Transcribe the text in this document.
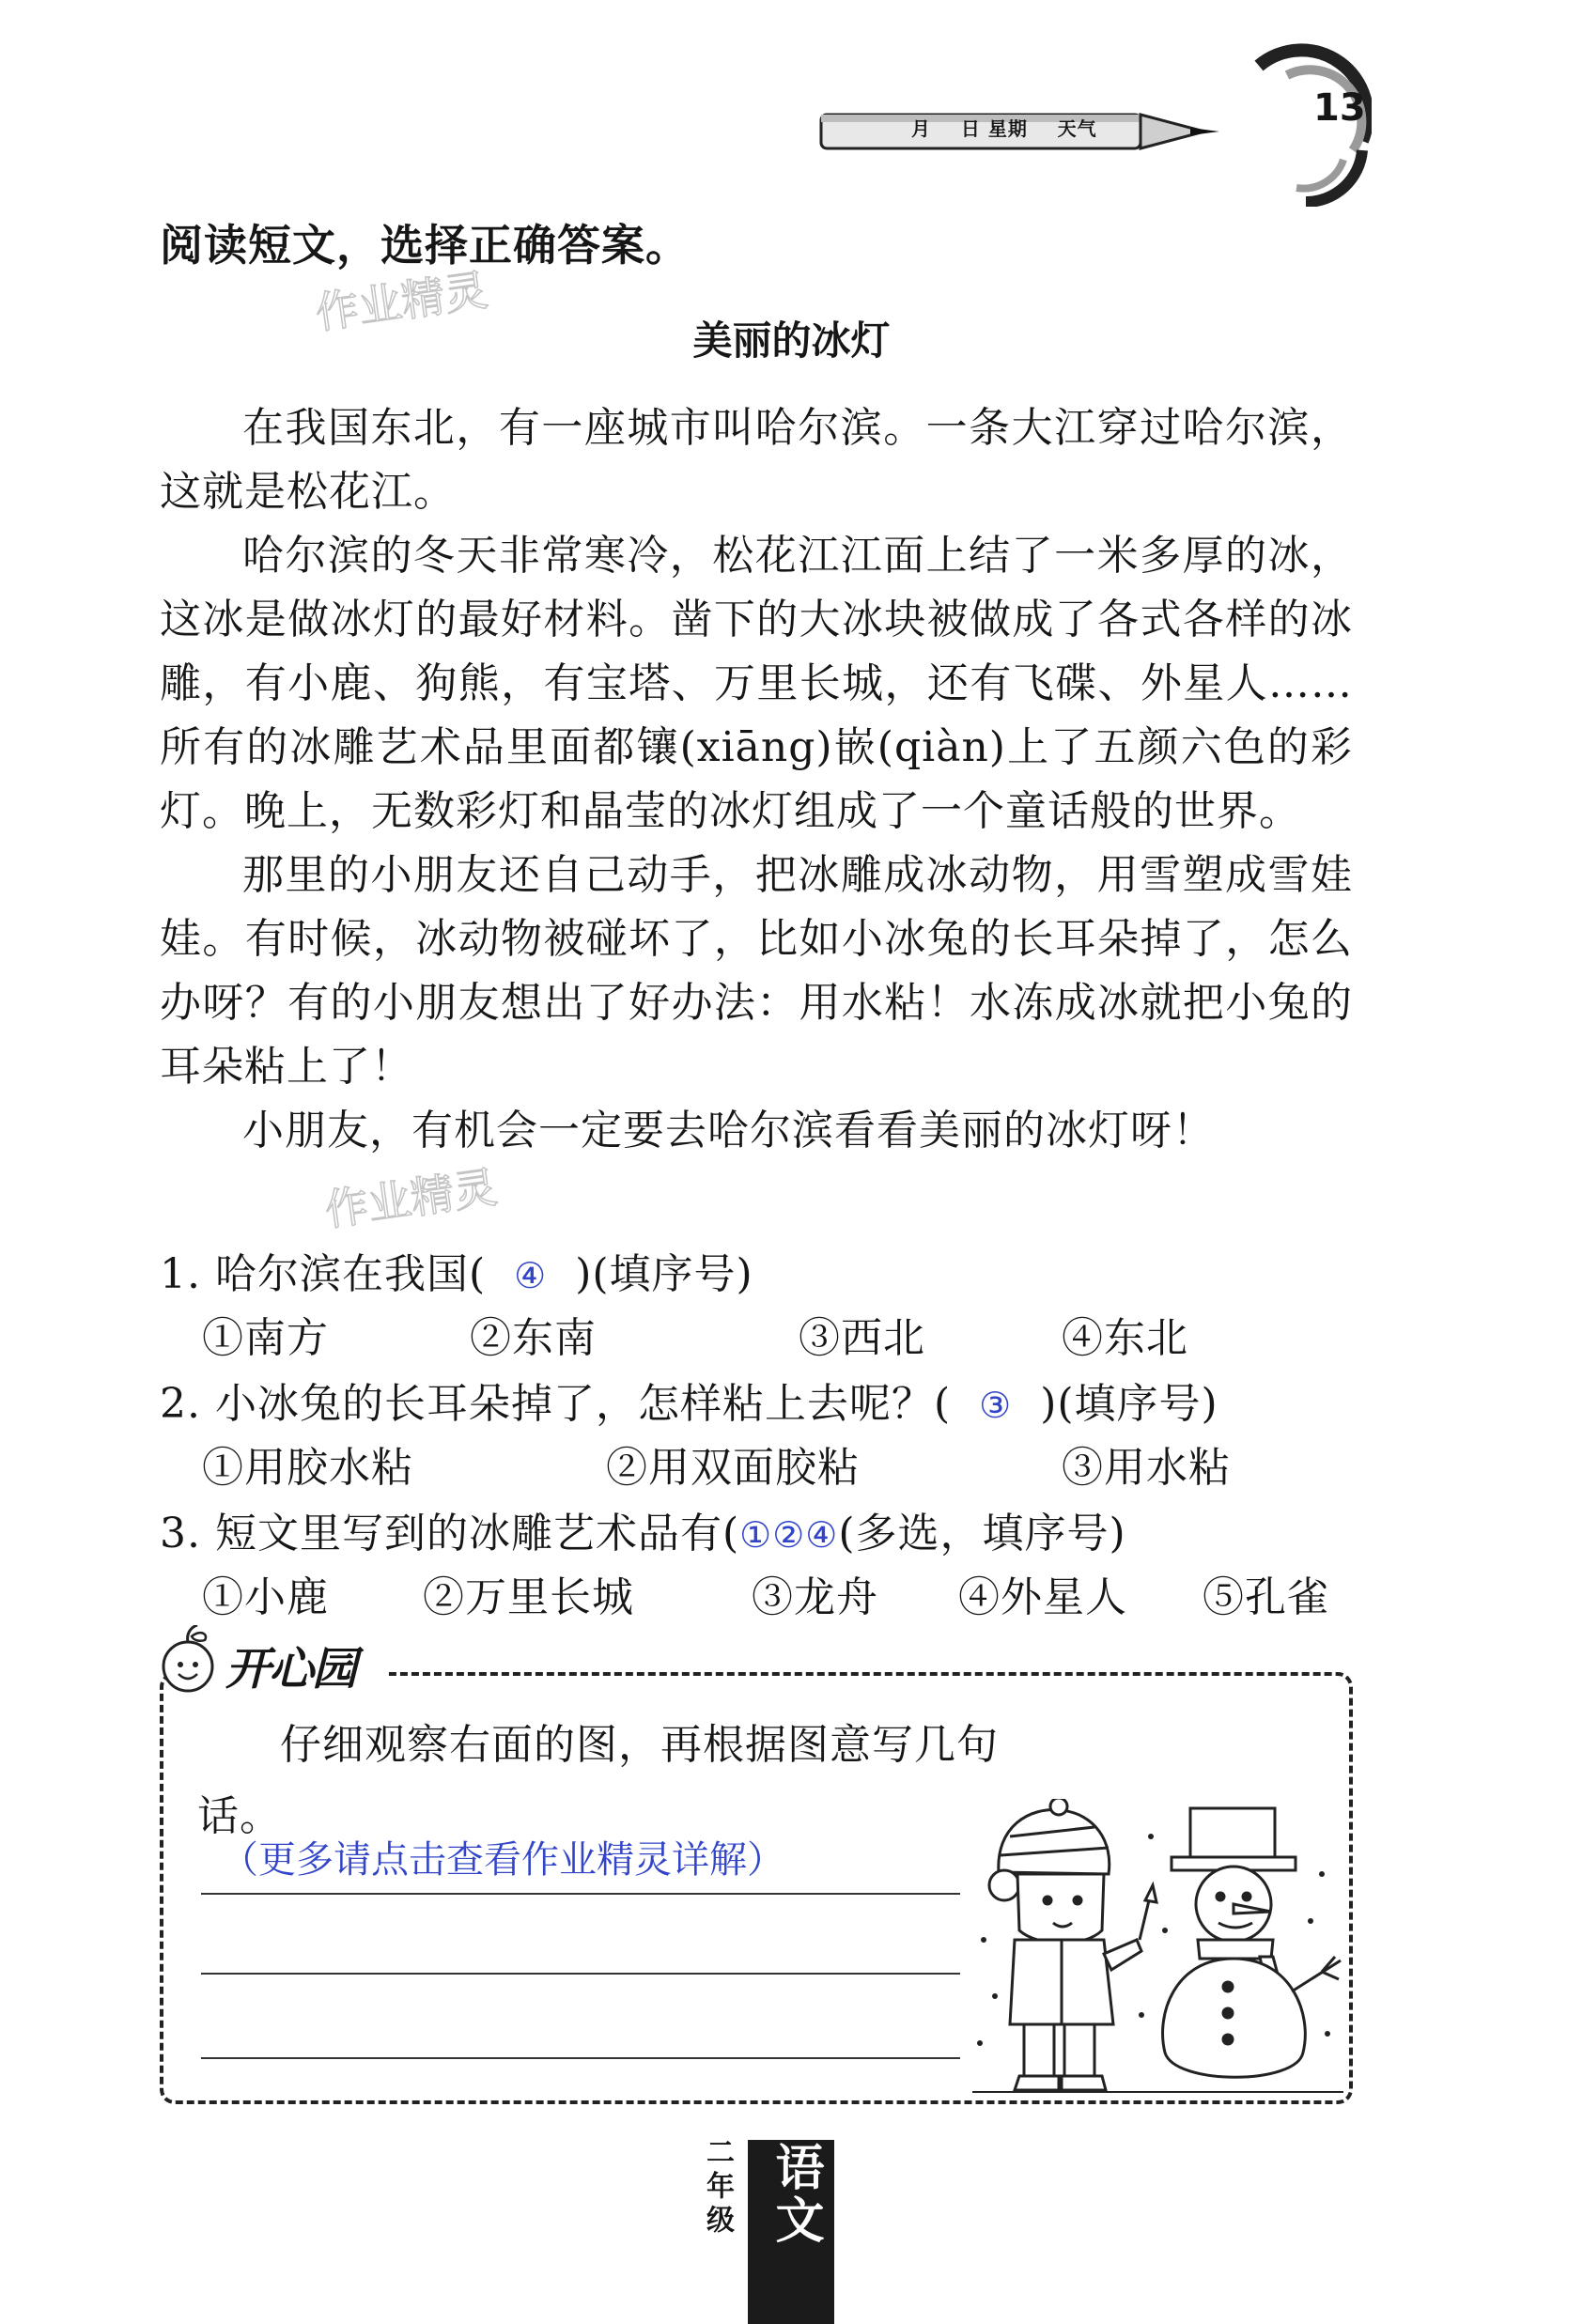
月    日 星期    天气	13
阅读短文，选择正确答案。
作业精灵
作业精灵
美丽的冰灯

在我国东北，有一座城市叫哈尔滨。一条大江穿过哈尔滨，这就是松花江。

哈尔滨的冬天非常寒冷，松花江江面上结了一米多厚的冰，这冰是做冰灯的最好材料。凿下的大冰块被做成了各式各样的冰雕，有小鹿、狗熊，有宝塔、万里长城，还有飞碟、外星人……所有的冰雕艺术品里面都镶(xiāng)嵌(qiàn)上了五颜六色的彩灯。晚上，无数彩灯和晶莹的冰灯组成了一个童话般的世界。

那里的小朋友还自己动手，把冰雕成冰动物，用雪塑成雪娃娃。有时候，冰动物被碰坏了，比如小冰兔的长耳朵掉了，怎么办呀？有的小朋友想出了好办法：用水粘！水冻成冰就把小兔的耳朵粘上了！

小朋友，有机会一定要去哈尔滨看看美丽的冰灯呀！

1. 哈尔滨在我国( ④ )(填序号)
①南方	②东南	③西北	④东北
2. 小冰兔的长耳朵掉了，怎样粘上去呢？( ③ )(填序号)
①用胶水粘	②用双面胶粘	③用水粘
3. 短文里写到的冰雕艺术品有(①②④(多选，填序号)
①小鹿 ②万里长城	③龙舟 ④外星人 ⑤孔雀
开心园
仔细观察右面的图，再根据图意写几句话。
（更多请点击查看作业精灵详解）
二年级 语文
